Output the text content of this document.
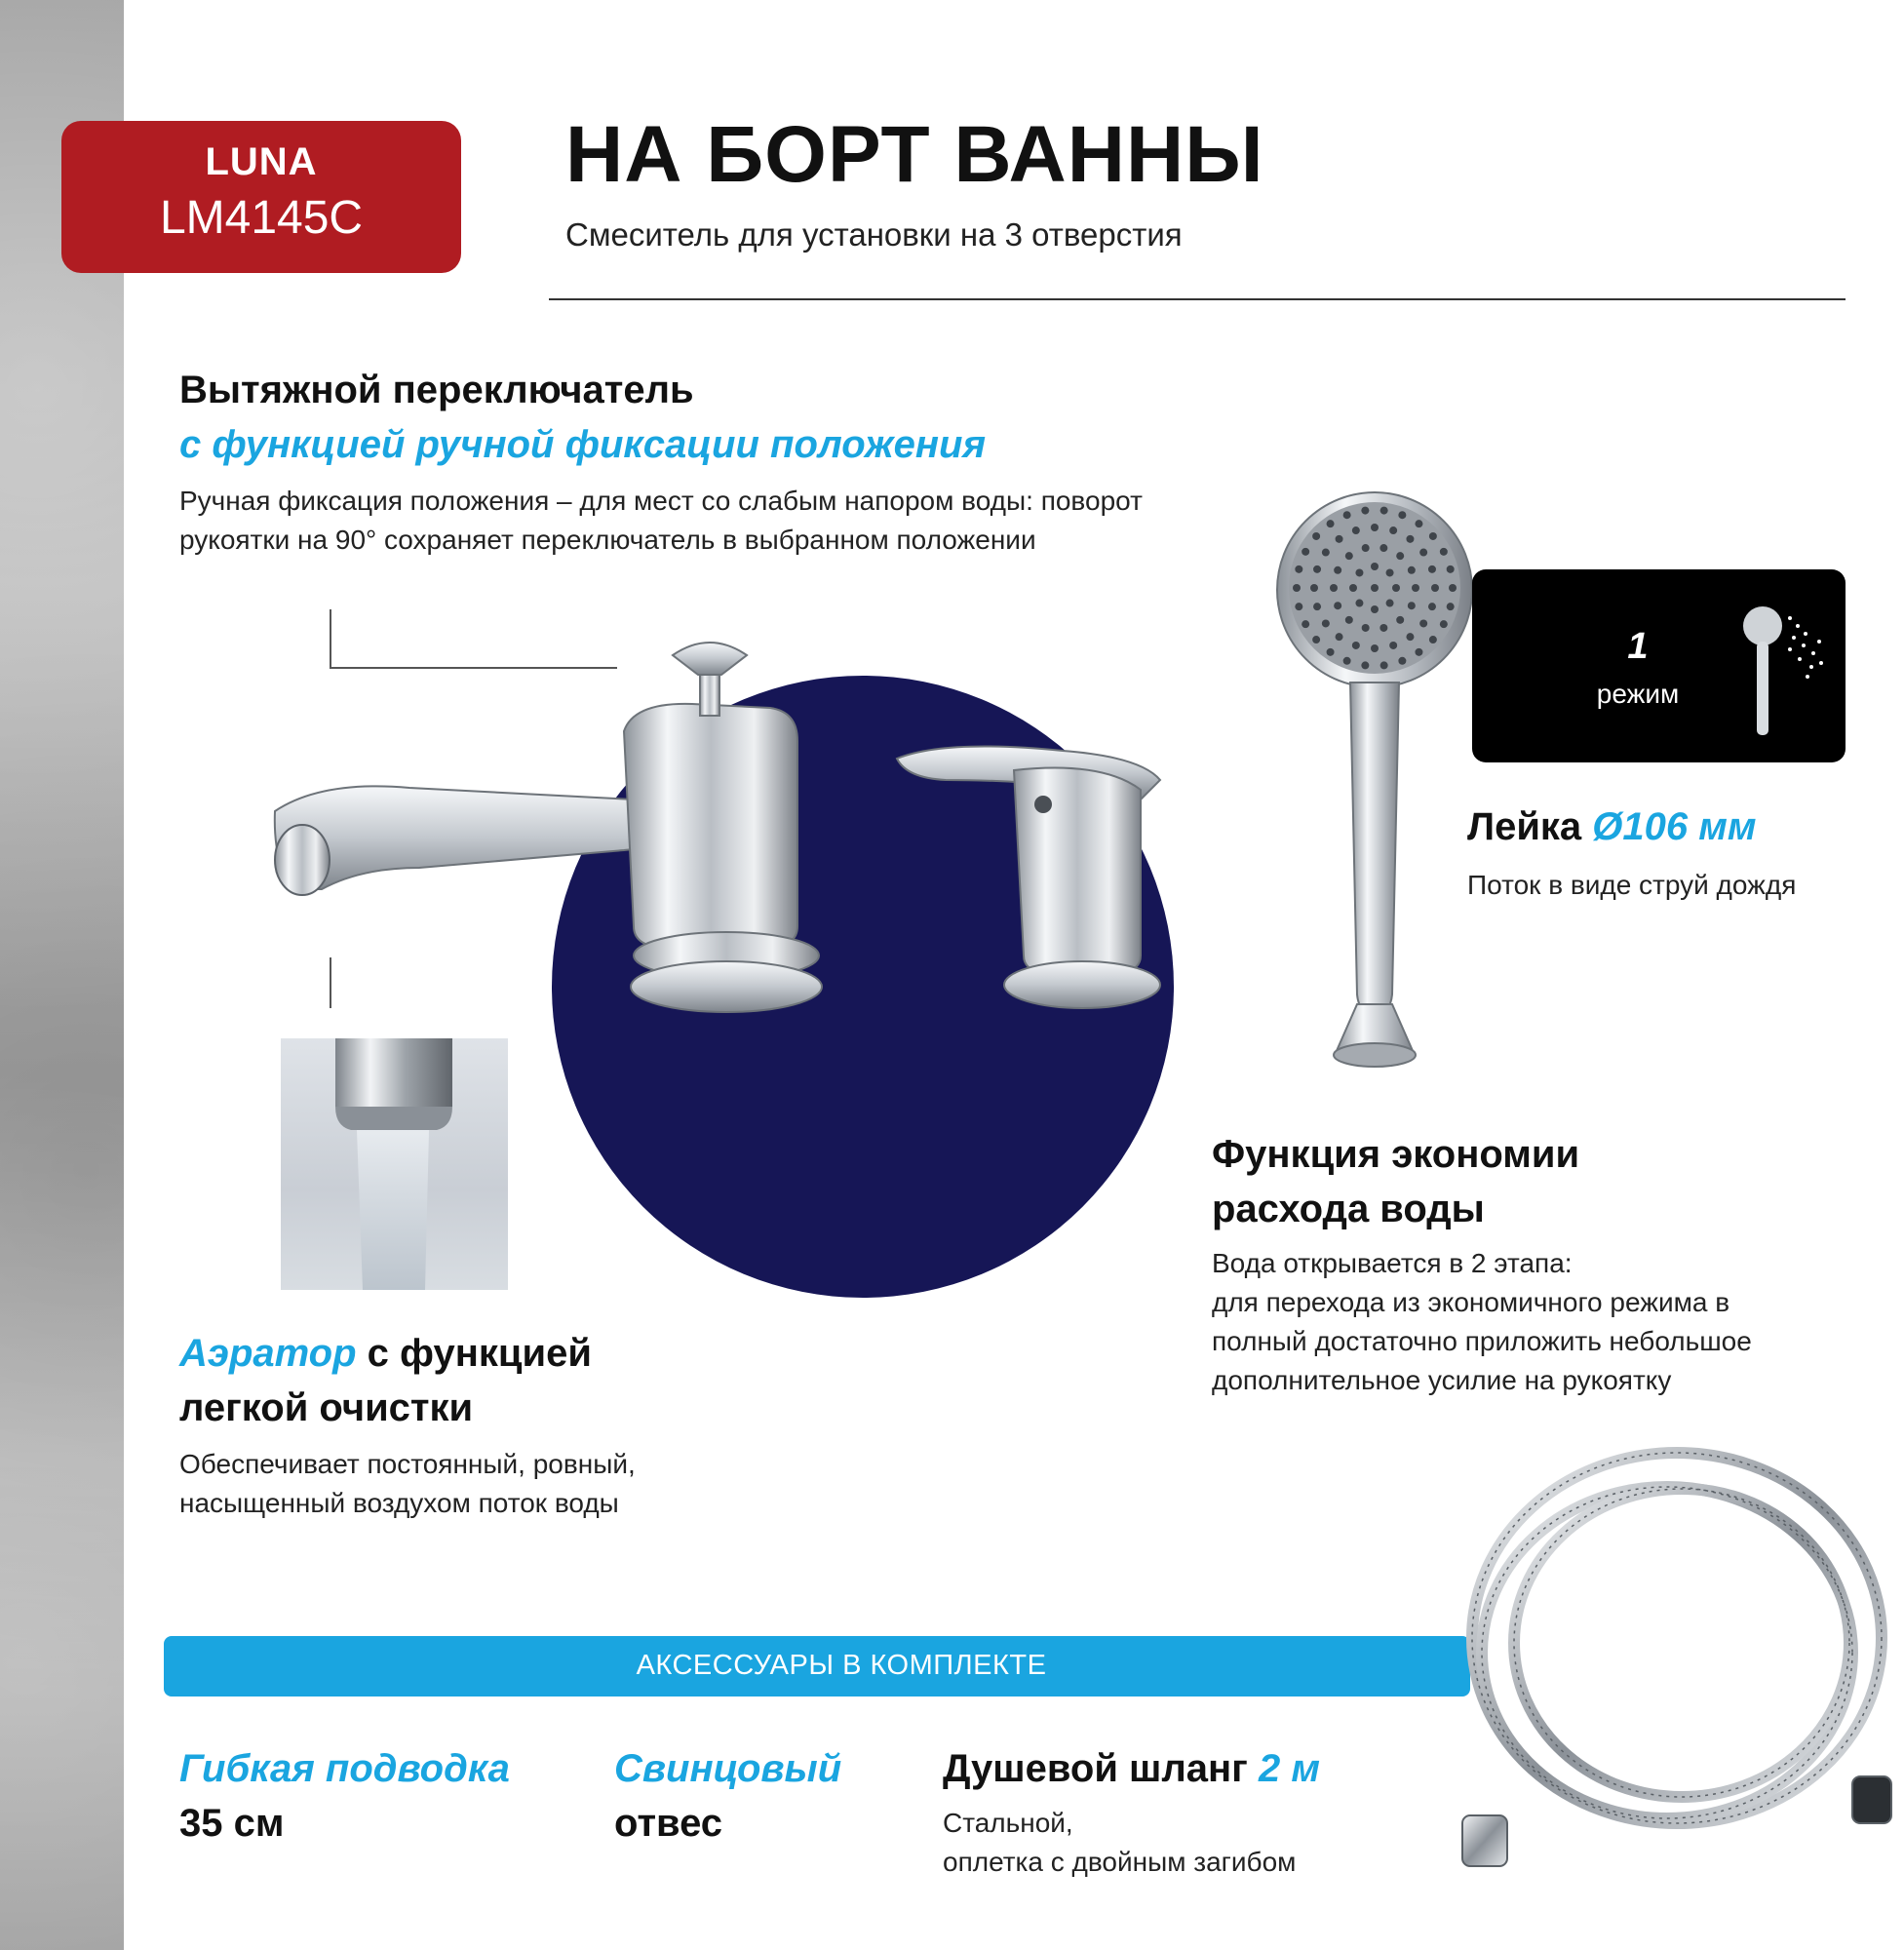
LUNA
LM4145C
НА БОРТ ВАННЫ
Смеситель для установки на 3 отверстия
Вытяжной переключатель
с функцией ручной фиксации положения
Ручная фиксация положения – для мест со слабым напором воды: поворот
рукоятки на 90° сохраняет переключатель в выбранном положении
1
режим
Лейка Ø106 мм
Поток в виде струй дождя
Функция экономии
расхода воды
Вода открывается в 2 этапа:
для перехода из экономичного режима в
полный достаточно приложить небольшое
дополнительное усилие на рукоятку
Аэратор с функцией
легкой очистки
Обеспечивает постоянный, ровный,
насыщенный воздухом поток воды
АКСЕССУАРЫ В КОМПЛЕКТЕ
Гибкая подводка
35 см
Свинцовый
отвес
Душевой шланг 2 м
Стальной,
оплетка с двойным загибом
